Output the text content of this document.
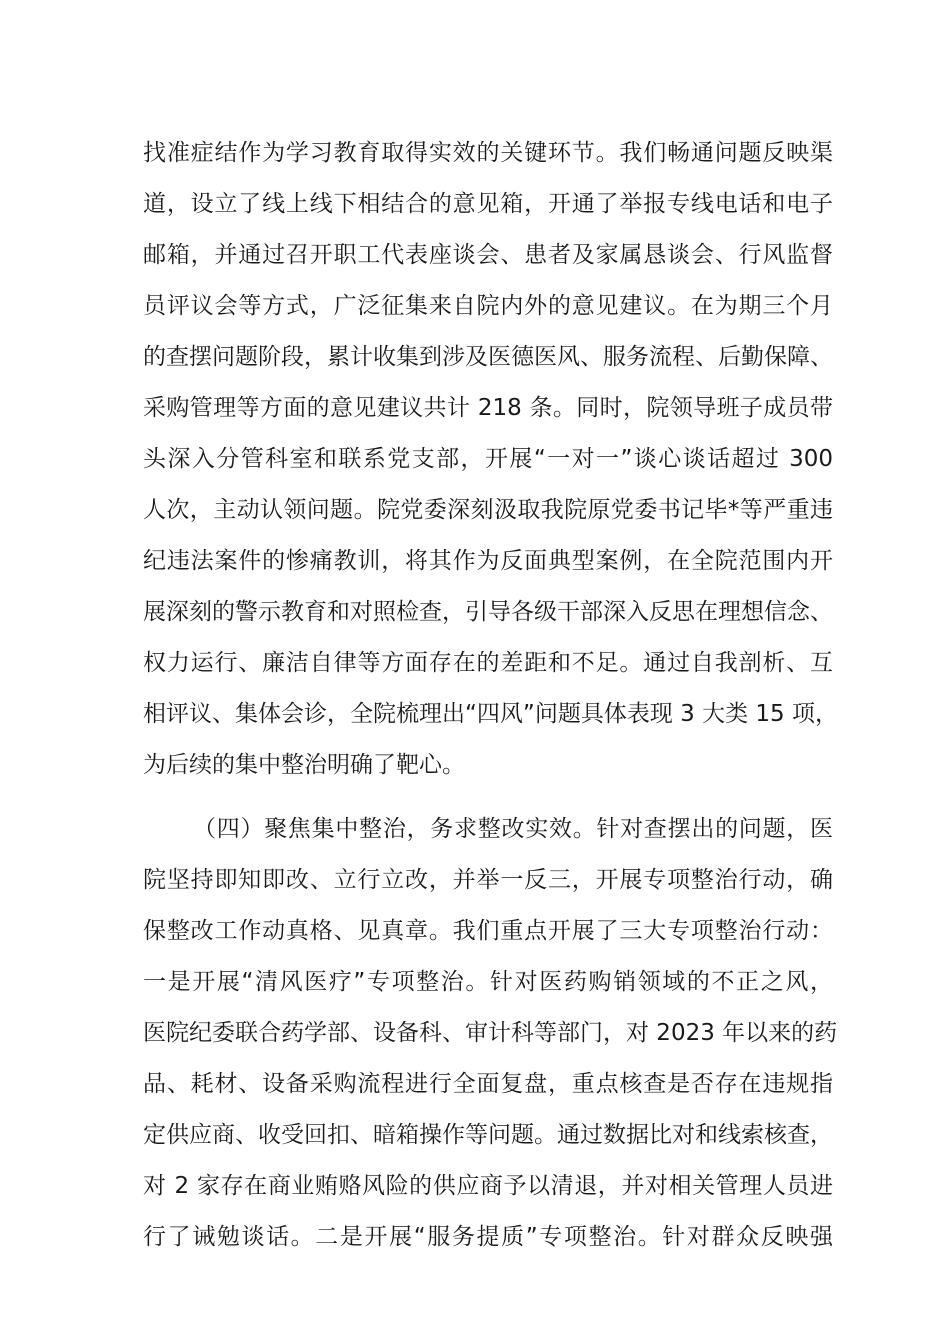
找准症结作为学习教育取得实效的关键环节。我们畅通问题反映渠
道，设立了线上线下相结合的意见箱，开通了举报专线电话和电子
邮箱，并通过召开职工代表座谈会、患者及家属恳谈会、行风监督
员评议会等方式，广泛征集来自院内外的意见建议。在为期三个月
的查摆问题阶段，累计收集到涉及医德医风、服务流程、后勤保障、
采购管理等方面的意见建议共计 218 条。同时，院领导班子成员带
头深入分管科室和联系党支部，开展“一对一”谈心谈话超过 300
人次，主动认领问题。院党委深刻汲取我院原党委书记毕*等严重违
纪违法案件的惨痛教训，将其作为反面典型案例，在全院范围内开
展深刻的警示教育和对照检查，引导各级干部深入反思在理想信念、
权力运行、廉洁自律等方面存在的差距和不足。通过自我剖析、互
相评议、集体会诊，全院梳理出“四风”问题具体表现 3 大类 15 项，
为后续的集中整治明确了靶心。
（四）聚焦集中整治，务求整改实效。针对查摆出的问题，医
院坚持即知即改、立行立改，并举一反三，开展专项整治行动，确
保整改工作动真格、见真章。我们重点开展了三大专项整治行动：
一是开展“清风医疗”专项整治。针对医药购销领域的不正之风，
医院纪委联合药学部、设备科、审计科等部门，对 2023 年以来的药
品、耗材、设备采购流程进行全面复盘，重点核查是否存在违规指
定供应商、收受回扣、暗箱操作等问题。通过数据比对和线索核查，
对 2 家存在商业贿赂风险的供应商予以清退，并对相关管理人员进
行了诫勉谈话。二是开展“服务提质”专项整治。针对群众反映强
